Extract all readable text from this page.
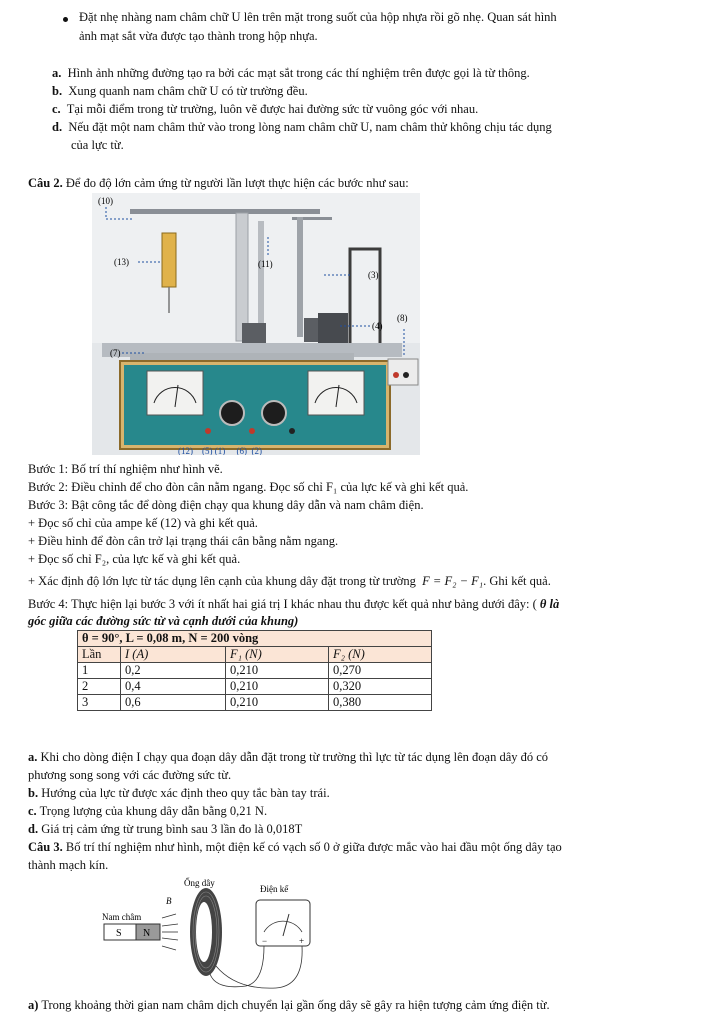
Đặt nhẹ nhàng nam châm chữ U lên trên mặt trong suốt của hộp nhựa rồi gõ nhẹ. Quan sát hình
ảnh mạt sắt vừa được tạo thành trong hộp nhựa.
a. Hình ảnh những đường tạo ra bởi các mạt sắt trong các thí nghiệm trên được gọi là từ thông.
b. Xung quanh nam châm chữ U có từ trường đều.
c. Tại mỗi điểm trong từ trường, luôn vẽ được hai đường sức từ vuông góc với nhau.
d. Nếu đặt một nam châm thử vào trong lòng nam châm chữ U, nam châm thử không chịu tác dụng
của lực từ.
Câu 2. Để đo độ lớn cảm ứng từ người lần lượt thực hiện các bước như sau:
(10)
(13)	(11)
(3)
(8)
(4)
(7)
(12)    (5) (1)     (6)  (2)
Bước 1: Bố trí thí nghiệm như hình vẽ.
Bước 2: Điều chỉnh để cho đòn cân nằm ngang. Đọc số chỉ F₁ của lực kế và ghi kết quả.
Bước 3: Bật công tắc để dòng điện chạy qua khung dây dẫn và nam châm điện.
+ Đọc số chỉ của ampe kế (12) và ghi kết quả.
+ Điều hỉnh để đòn cân trở lại trạng thái cân bằng nằm ngang.
+ Đọc số chỉ F₂, của lực kế và ghi kết quả.
+ Xác định độ lớn lực từ tác dụng lên cạnh của khung dây đặt trong từ trường F = F₂ − F₁. Ghi kết quả.
Bước 4: Thực hiện lại bước 3 với ít nhất hai giá trị I khác nhau thu được kết quả như bảng dưới đây: ( θ là
góc giữa các đường sức từ và cạnh dưới của khung)
θ = 90°, L = 0,08 m, N = 200 vòng			
Lần	I (A)	F₁ (N)	F₂ (N)
1	0,2	0,210	0,270
2	0,4	0,210	0,320
3	0,6	0,210	0,380
a. Khi cho dòng điện I chạy qua đoạn dây dẫn đặt trong từ trường thì lực từ tác dụng lên đoạn dây đó có
phương song song với các đường sức từ.
b. Hướng của lực từ được xác định theo quy tắc bàn tay trái.
c. Trọng lượng của khung dây dẫn bằng 0,21 N.
d. Giá trị cảm ứng từ trung bình sau 3 lần đo là 0,018T
Câu 3. Bố trí thí nghiệm như hình, một điện kế có vạch số 0 ở giữa được mắc vào hai đầu một ống dây tạo
thành mạch kín.
Ống dây
Điện kế
Nam châm
S N
B
−	+
a) Trong khoảng thời gian nam châm dịch chuyển lại gần ống dây sẽ gây ra hiện tượng cảm ứng điện từ.
